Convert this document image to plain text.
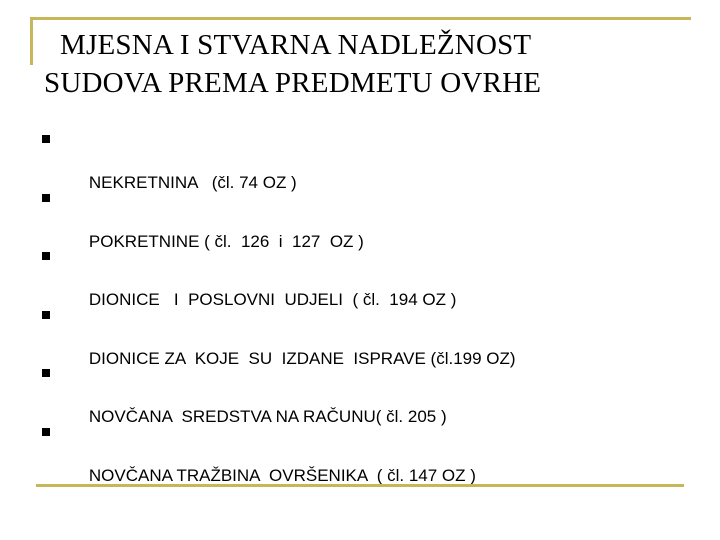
MJESNA I STVARNA NADLEŽNOST
SUDOVA PREMA PREDMETU OVRHE

NEKRETNINA   (čl. 74 OZ )

POKRETNINE ( čl.  126  i  127  OZ )

DIONICE   I  POSLOVNI  UDJELI  ( čl.  194 OZ )

DIONICE ZA  KOJE  SU  IZDANE  ISPRAVE (čl.199 OZ)

NOVČANA  SREDSTVA NA RAČUNU( čl. 205 )

NOVČANA TRAŽBINA  OVRŠENIKA  ( čl. 147 OZ )
